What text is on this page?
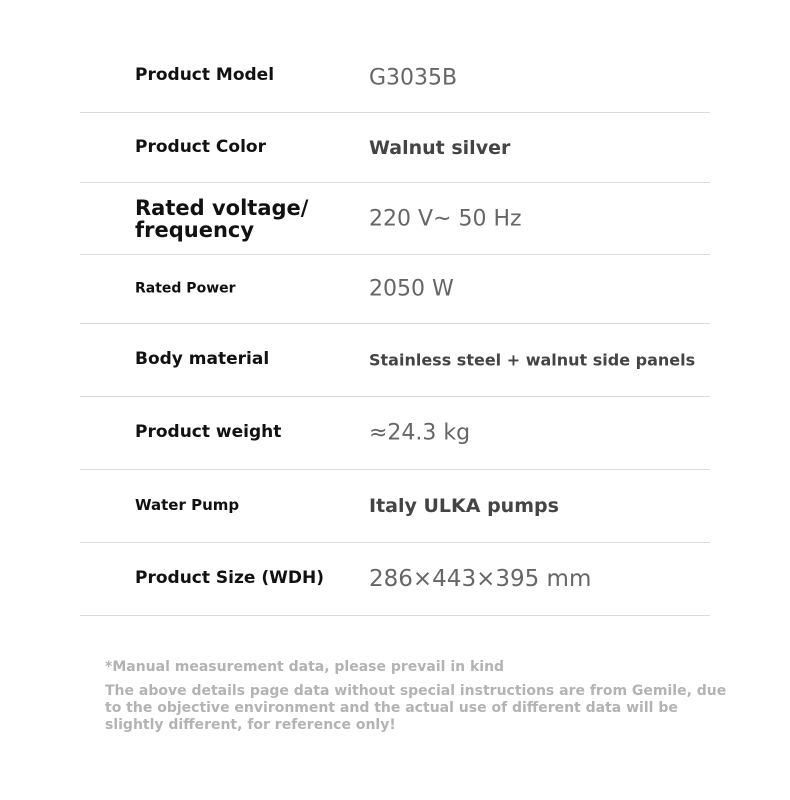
Product Model	G3035B
Product Color	Walnut silver
Rated voltage/ frequency	220 V~ 50 Hz
Rated Power	2050 W
Body material	Stainless steel + walnut side panels
Product weight	≈24.3 kg
Water Pump	Italy ULKA pumps
Product Size (WDH)	286×443×395 mm

*Manual measurement data, please prevail in kind

The above details page data without special instructions are from Gemile, due to the objective environment and the actual use of different data will be slightly different, for reference only!
